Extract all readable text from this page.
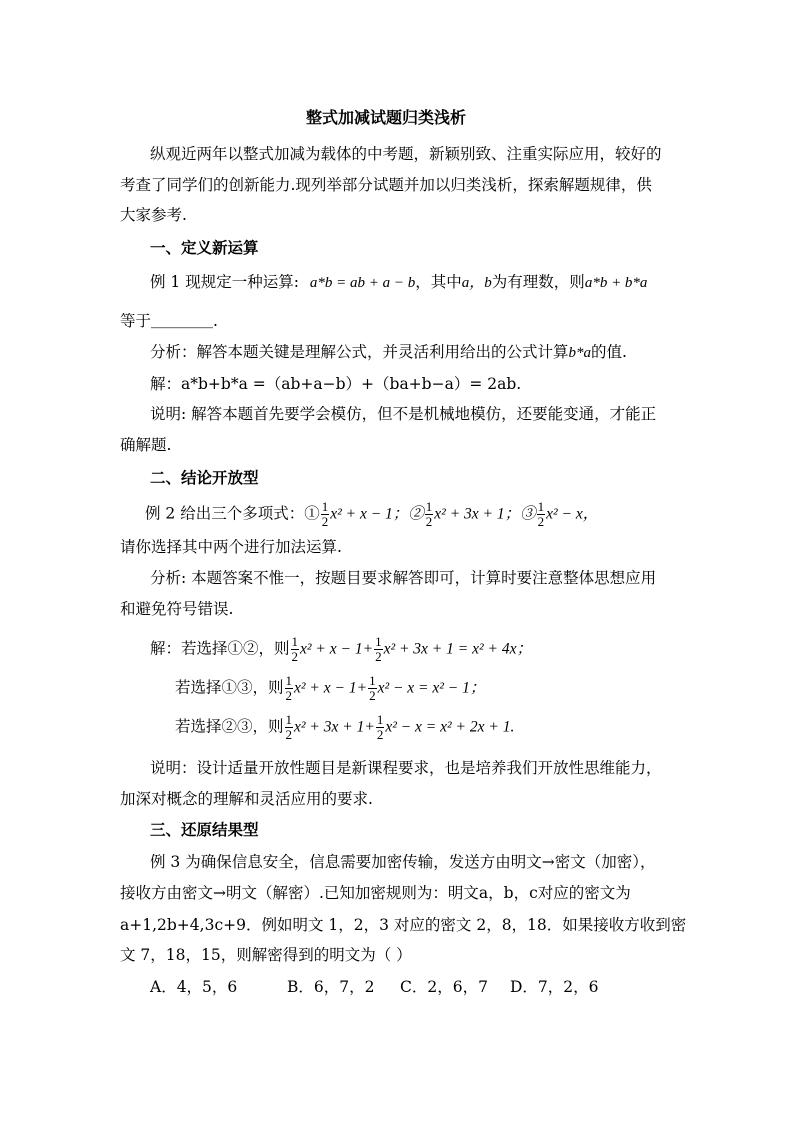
整式加减试题归类浅析
纵观近两年以整式加减为载体的中考题，新颖别致、注重实际应用，较好的
考查了同学们的创新能力.现列举部分试题并加以归类浅析，探索解题规律，供
大家参考.
一、定义新运算
例 1 现规定一种运算: a*b = ab + a − b，其中a，b为有理数，则a*b + b*a
等于＿＿＿＿.
分析：解答本题关键是理解公式，并灵活利用给出的公式计算b*a的值.
解：a*b+b*a =（ab+a−b）+（ba+b−a）= 2ab.
说明: 解答本题首先要学会模仿，但不是机械地模仿，还要能变通，才能正
确解题.
二、结论开放型
例 2 给出三个多项式：① $\frac{1}{2} x^2 + x - 1$；② $\frac{1}{2} x^2 + 3x + 1$；③ $\frac{1}{2} x^2 - x$，
请你选择其中两个进行加法运算.
分析: 本题答案不惟一，按题目要求解答即可，计算时要注意整体思想应用
和避免符号错误.
解：若选择①②，则 $\frac{1}{2} x^2 + x - 1+ \frac{1}{2} x^2 + 3x + 1 = x^2 + 4x$；
若选择①③，则 $\frac{1}{2} x^2 + x - 1+ \frac{1}{2} x^2 - x = x^2 - 1$；
若选择②③，则 $\frac{1}{2} x^2 + 3x + 1+ \frac{1}{2} x^2 - x = x^2 + 2x + 1$.
说明：设计适量开放性题目是新课程要求，也是培养我们开放性思维能力，
加深对概念的理解和灵活应用的要求.
三、还原结果型
例 3 为确保信息安全，信息需要加密传输，发送方由明文→密文（加密），
接收方由密文→明文（解密）.已知加密规则为：明文a，b，c对应的密文为
a+1,2b+4,3c+9．例如明文 1，2，3 对应的密文 2，8，18．如果接收方收到密
文 7，18，15，则解密得到的明文为（ ）
A．4，5，6	B．6，7，2 C．2，6，7 D．7，2，6
